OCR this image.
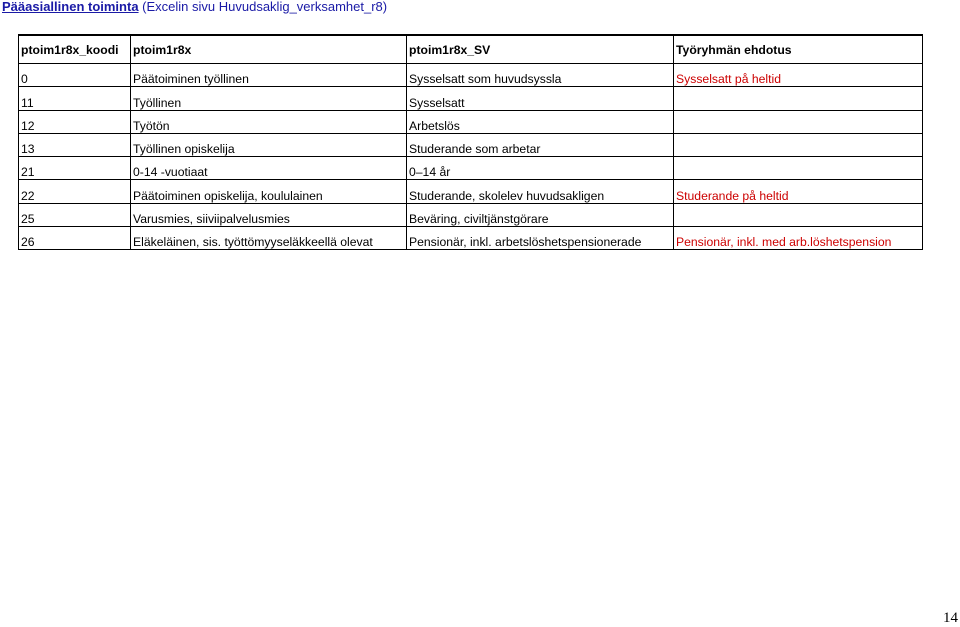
Pääasiallinen toiminta (Excelin sivu Huvudsaklig_verksamhet_r8)
ptoim1r8x_koodi	ptoim1r8x	ptoim1r8x_SV	Työryhmän ehdotus
0	Päätoiminen työllinen	Sysselsatt som huvudsyssla	Sysselsatt på heltid
11	Työllinen	Sysselsatt	
12	Työtön	Arbetslös	
13	Työllinen opiskelija	Studerande som arbetar	
21	0-14 -vuotiaat	0–14 år	
22	Päätoiminen opiskelija, koululainen	Studerande, skolelev huvudsakligen	Studerande på heltid
25	Varusmies, siiviipalvelusmies	Beväring, civiltjänstgörare	
26	Eläkeläinen, sis. työttömyyseläkkeellä olevat	Pensionär, inkl. arbetslöshetspensionerade	Pensionär, inkl. med arb.löshetspension
14
